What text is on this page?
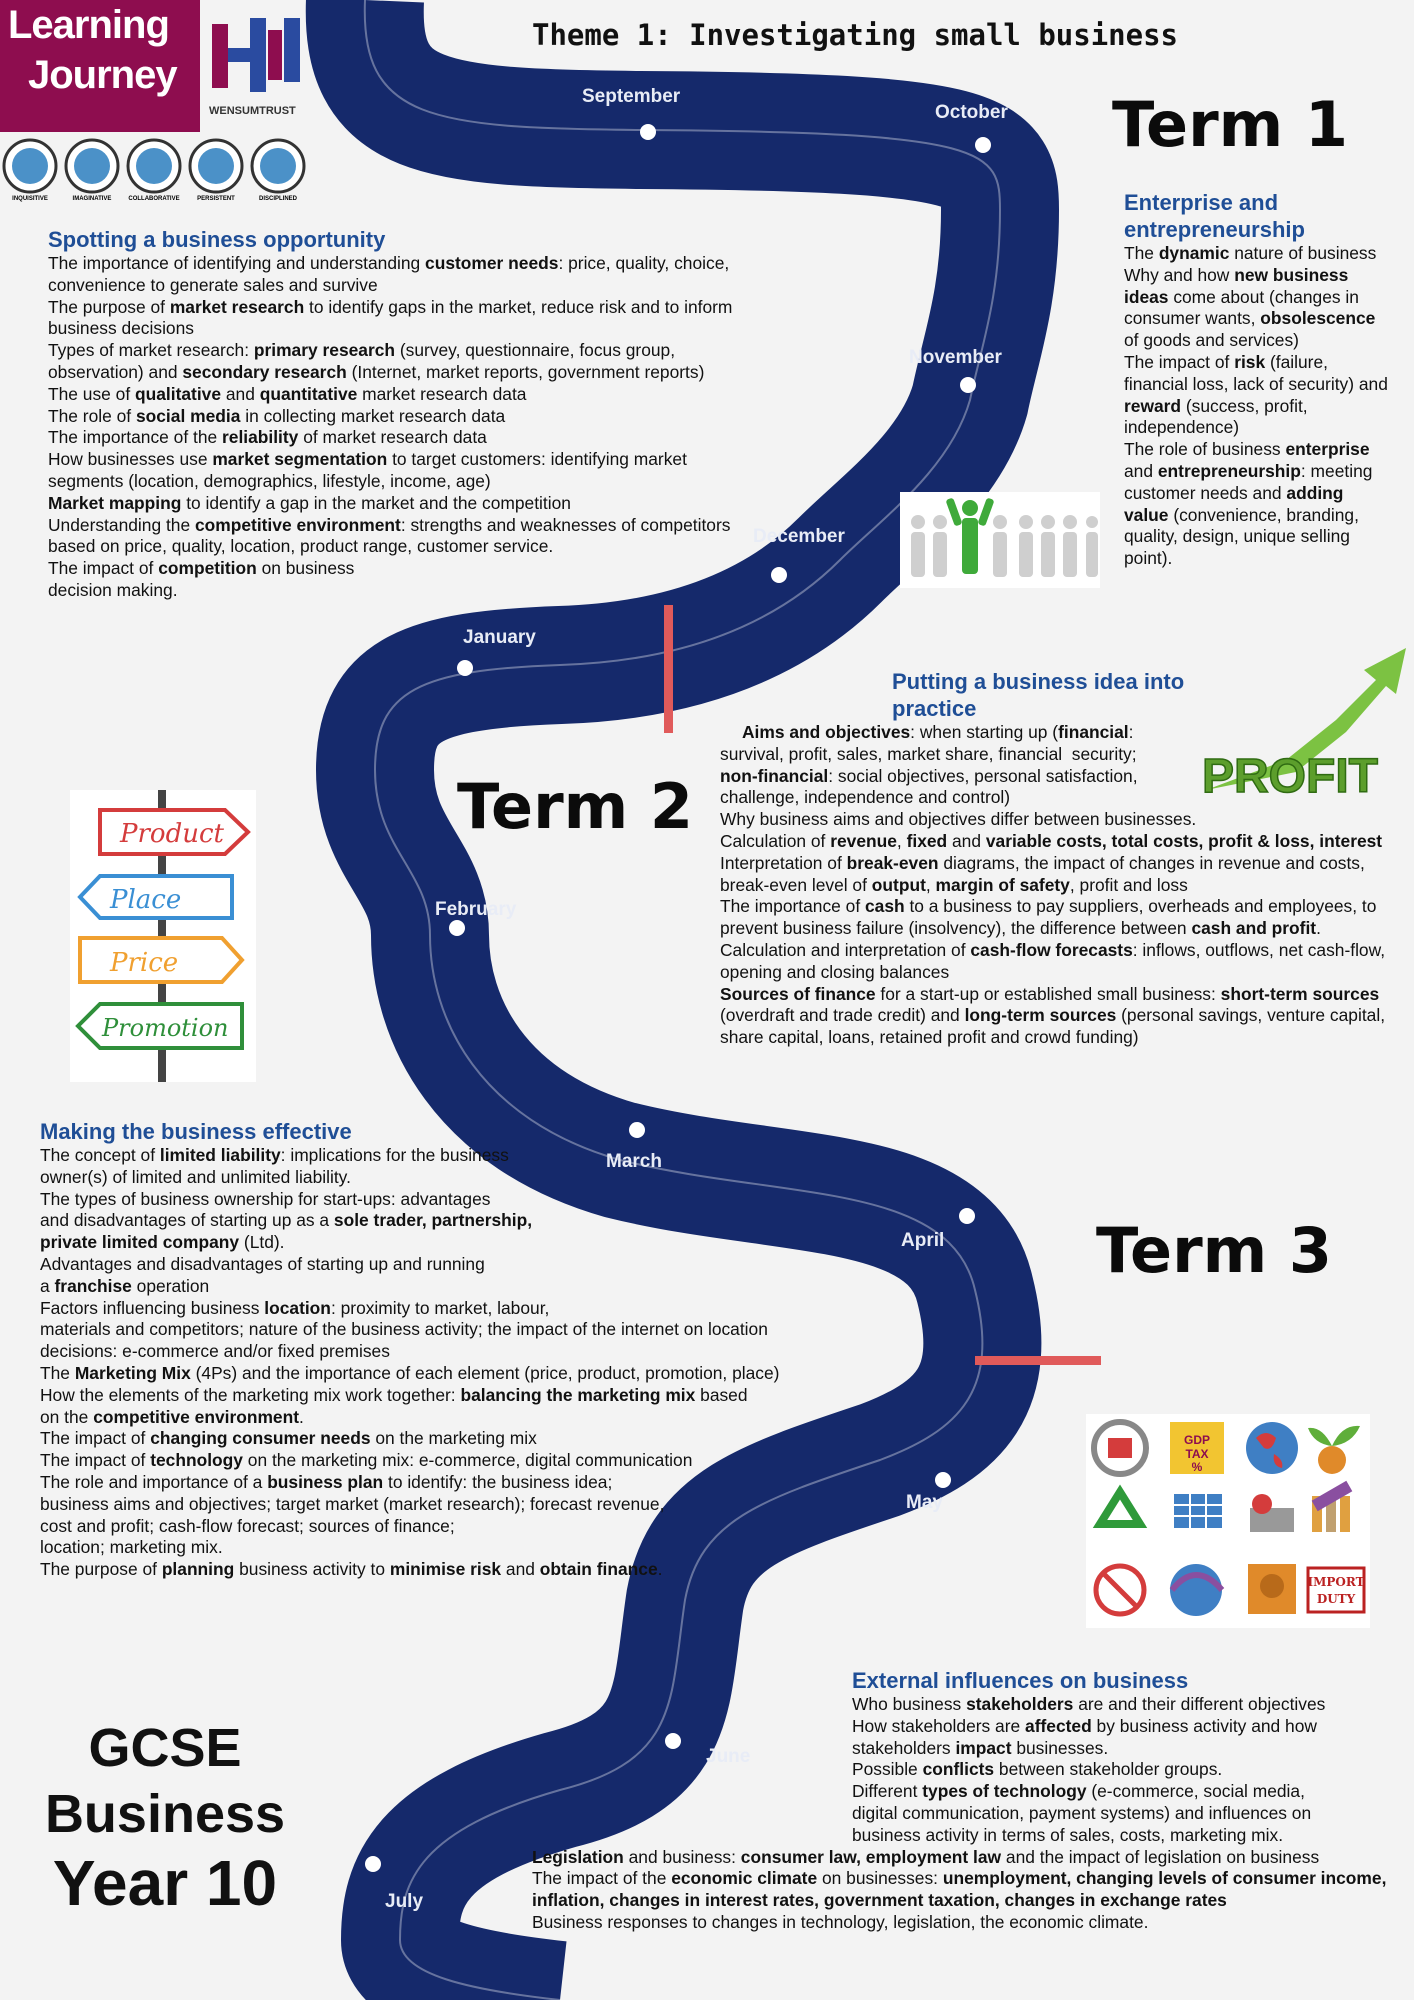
September
October
November
December
January
February
March
April
May
June
July
Learning
Journey
WENSUMTRUST
INQUISITIVE	IMAGINATIVE	COLLABORATIVE	PERSISTENT	DISCIPLINED
Theme 1: Investigating small business
Term 1
Term 2
Term 3
Spotting a business opportunity

The importance of identifying and understanding customer needs: price, quality, choice, convenience to generate sales and survive

The purpose of market research to identify gaps in the market, reduce risk and to inform business decisions

Types of market research: primary research (survey, questionnaire, focus group, observation) and secondary research (Internet, market reports, government reports)

The use of qualitative and quantitative market research data

The role of social media in collecting market research data

The importance of the reliability of market research data

How businesses use market segmentation to target customers: identifying market segments (location, demographics, lifestyle, income, age)

Market mapping to identify a gap in the market and the competition

Understanding the competitive environment: strengths and weaknesses of competitors based on price, quality, location, product range, customer service.

The impact of competition on business
decision making.

Enterprise and entrepreneurship

The dynamic nature of business

Why and how new business ideas come about (changes in consumer wants, obsolescence of goods and services)

The impact of risk (failure, financial loss, lack of security) and reward (success, profit, independence)

The role of business enterprise and entrepreneurship: meeting customer needs and adding value (convenience, branding, quality, design, unique selling point).

Putting a business idea into practice

Aims and objectives: when starting up (financial:

survival, profit, sales, market share, financial  security;

non-financial: social objectives, personal satisfaction,

challenge, independence and control)

Why business aims and objectives differ between businesses.

Calculation of revenue, fixed and variable costs, total costs, profit & loss, interest

Interpretation of break-even diagrams, the impact of changes in revenue and costs, break-even level of output, margin of safety, profit and loss

The importance of cash to a business to pay suppliers, overheads and employees, to prevent business failure (insolvency), the difference between cash and profit.

Calculation and interpretation of cash-flow forecasts: inflows, outflows, net cash-flow, opening and closing balances

Sources of finance for a start-up or established small business: short-term sources (overdraft and trade credit) and long-term sources (personal savings, venture capital, share capital, loans, retained profit and crowd funding)

PROFIT
Product
Place
Price
Promotion
Making the business effective

The concept of limited liability: implications for the business
owner(s) of limited and unlimited liability.

The types of business ownership for start-ups: advantages
and disadvantages of starting up as a sole trader, partnership,
private limited company (Ltd).

Advantages and disadvantages of starting up and running
a franchise operation

Factors influencing business location: proximity to market, labour,
materials and competitors; nature of the business activity; the impact of the internet on location
decisions: e-commerce and/or fixed premises

The Marketing Mix (4Ps) and the importance of each element (price, product, promotion, place)

How the elements of the marketing mix work together: balancing the marketing mix based
on the competitive environment.

The impact of changing consumer needs on the marketing mix

The impact of technology on the marketing mix: e-commerce, digital communication

The role and importance of a business plan to identify: the business idea;
business aims and objectives; target market (market research); forecast revenue,
cost and profit; cash-flow forecast; sources of finance;
location; marketing mix.

The purpose of planning business activity to minimise risk and obtain finance.

GDP
TAX
%
IMPORT
DUTY
External influences on business

Who business stakeholders are and their different objectives

How stakeholders are affected by business activity and how
stakeholders impact businesses.

Possible conflicts between stakeholder groups.

Different types of technology (e-commerce, social media,
digital communication, payment systems) and influences on
business activity in terms of sales, costs, marketing mix.

Legislation and business: consumer law, employment law and the impact of legislation on business

The impact of the economic climate on businesses: unemployment, changing levels of consumer income, inflation, changes in interest rates, government taxation, changes in exchange rates

Business responses to changes in technology, legislation, the economic climate.

GCSE
Business
Year 10
